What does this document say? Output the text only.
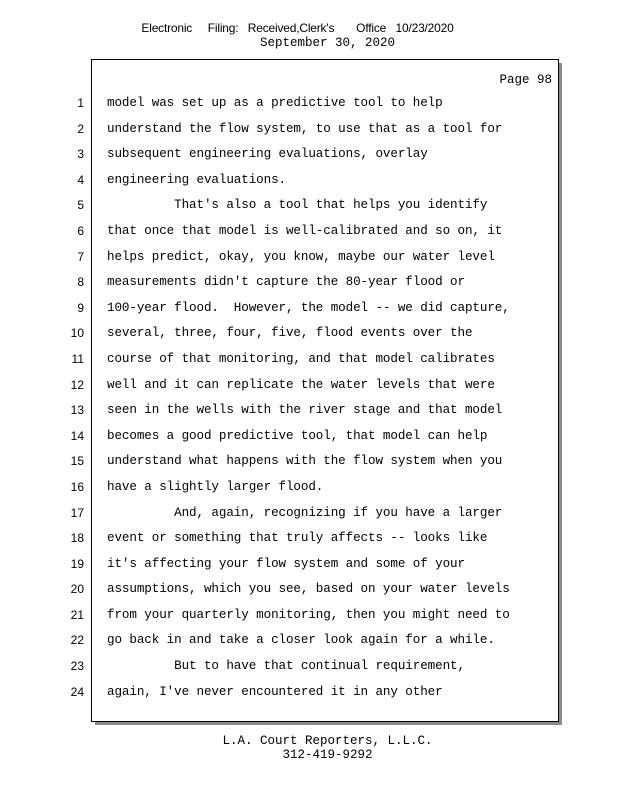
Electronic     Filing:   Received,Clerk's       Office   10/23/2020
September 30, 2020
Page 98
1
2
3
4
5
6
7
8
9
10
11
12
13
14
15
16
17
18
19
20
21
22
23
24
model was set up as a predictive tool to help
understand the flow system, to use that as a tool for
subsequent engineering evaluations, overlay
engineering evaluations.
That's also a tool that helps you identify
that once that model is well-calibrated and so on, it
helps predict, okay, you know, maybe our water level
measurements didn't capture the 80-year flood or
100-year flood.  However, the model -- we did capture,
several, three, four, five, flood events over the
course of that monitoring, and that model calibrates
well and it can replicate the water levels that were
seen in the wells with the river stage and that model
becomes a good predictive tool, that model can help
understand what happens with the flow system when you
have a slightly larger flood.
And, again, recognizing if you have a larger
event or something that truly affects -- looks like
it's affecting your flow system and some of your
assumptions, which you see, based on your water levels
from your quarterly monitoring, then you might need to
go back in and take a closer look again for a while.
But to have that continual requirement,
again, I've never encountered it in any other
L.A. Court Reporters, L.L.C.
312-419-9292
